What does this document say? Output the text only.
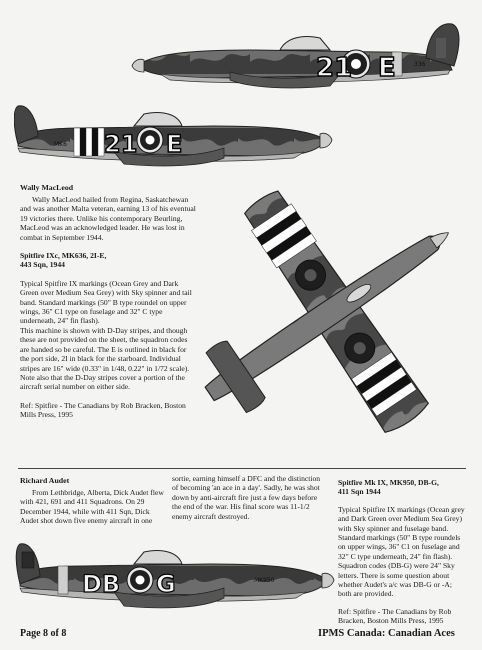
21 E	336
MK6 21 E

Wally MacLeod

Wally MacLeod hailed from Regina, Saskatchewan and was another Malta veteran, earning 13 of his eventual 19 victories there. Unlike his contemporary Beurling, MacLeod was an acknowledged leader. He was lost in combat in September 1944.

Spitfire IXc, MK636, 2I-E,

443 Sqn, 1944

Typical Spitfire IX markings (Ocean Grey and Dark Green over Medium Sea Grey) with Sky spinner and tail band. Standard markings (50" B type roundel on upper wings, 36" C1 type on fuselage and 32" C type underneath, 24" fin flash).

This machine is shown with D-Day stripes, and though these are not provided on the sheet, the squadron codes are handed so be careful. The E is outlined in black for the port side, 2I in black for the starboard. Individual stripes are 16" wide (0.33" in 1/48, 0.22" in 1/72 scale). Note also that the D-Day stripes cover a portion of the aircraft serial number on either side.

Ref: Spitfire - The Canadians by Rob Bracken, Boston Mills Press, 1995

Richard Audet

From Lethbridge, Alberta, Dick Audet flew with 421, 691 and 411 Squadrons. On 29 December 1944, while with 411 Sqn, Dick Audet shot down five enemy aircraft in one

sortie, earning himself a DFC and the distinction of becoming 'an ace in a day'. Sadly, he was shot down by anti-aircraft fire just a few days before the end of the war. His final score was 11-1/2 enemy aircraft destroyed.

Spitfire Mk IX, MK950, DB-G,

411 Sqn 1944

Typical Spitfire IX markings (Ocean grey and Dark Green over Medium Sea Grey) with Sky spinner and fuselage band. Standard markings (50" B type roundels on upper wings, 36" C1 on fuselage and 32" C type underneath, 24" fin flash). Squadron codes (DB-G) were 24" Sky letters. There is some question about whether Audet's a/c was DB-G or -A; both are provided.

Ref: Spitfire - The Canadians by Rob Bracken, Boston Mills Press, 1995

DB G	MK950
Page 8 of 8	IPMS Canada: Canadian Aces
